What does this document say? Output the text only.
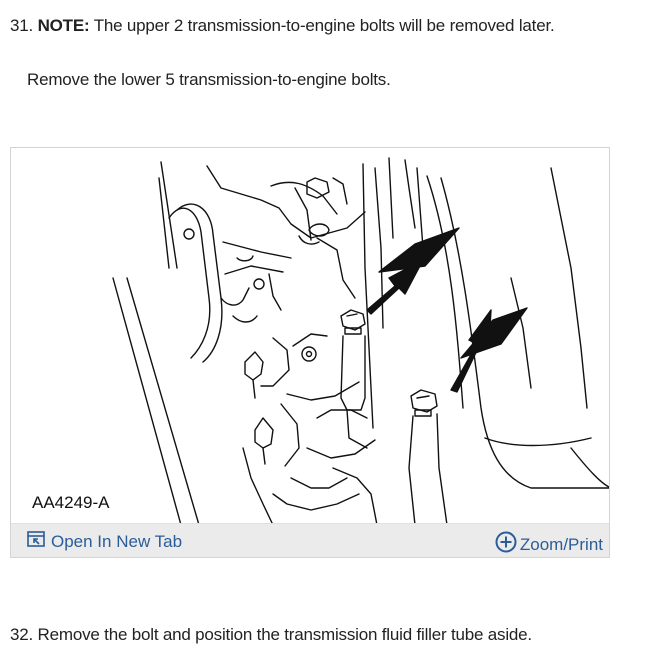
31. NOTE: The upper 2 transmission-to-engine bolts will be removed later.
Remove the lower 5 transmission-to-engine bolts.
AA4249-A
Open In New Tab	Zoom/Print
32. Remove the bolt and position the transmission fluid filler tube aside.
